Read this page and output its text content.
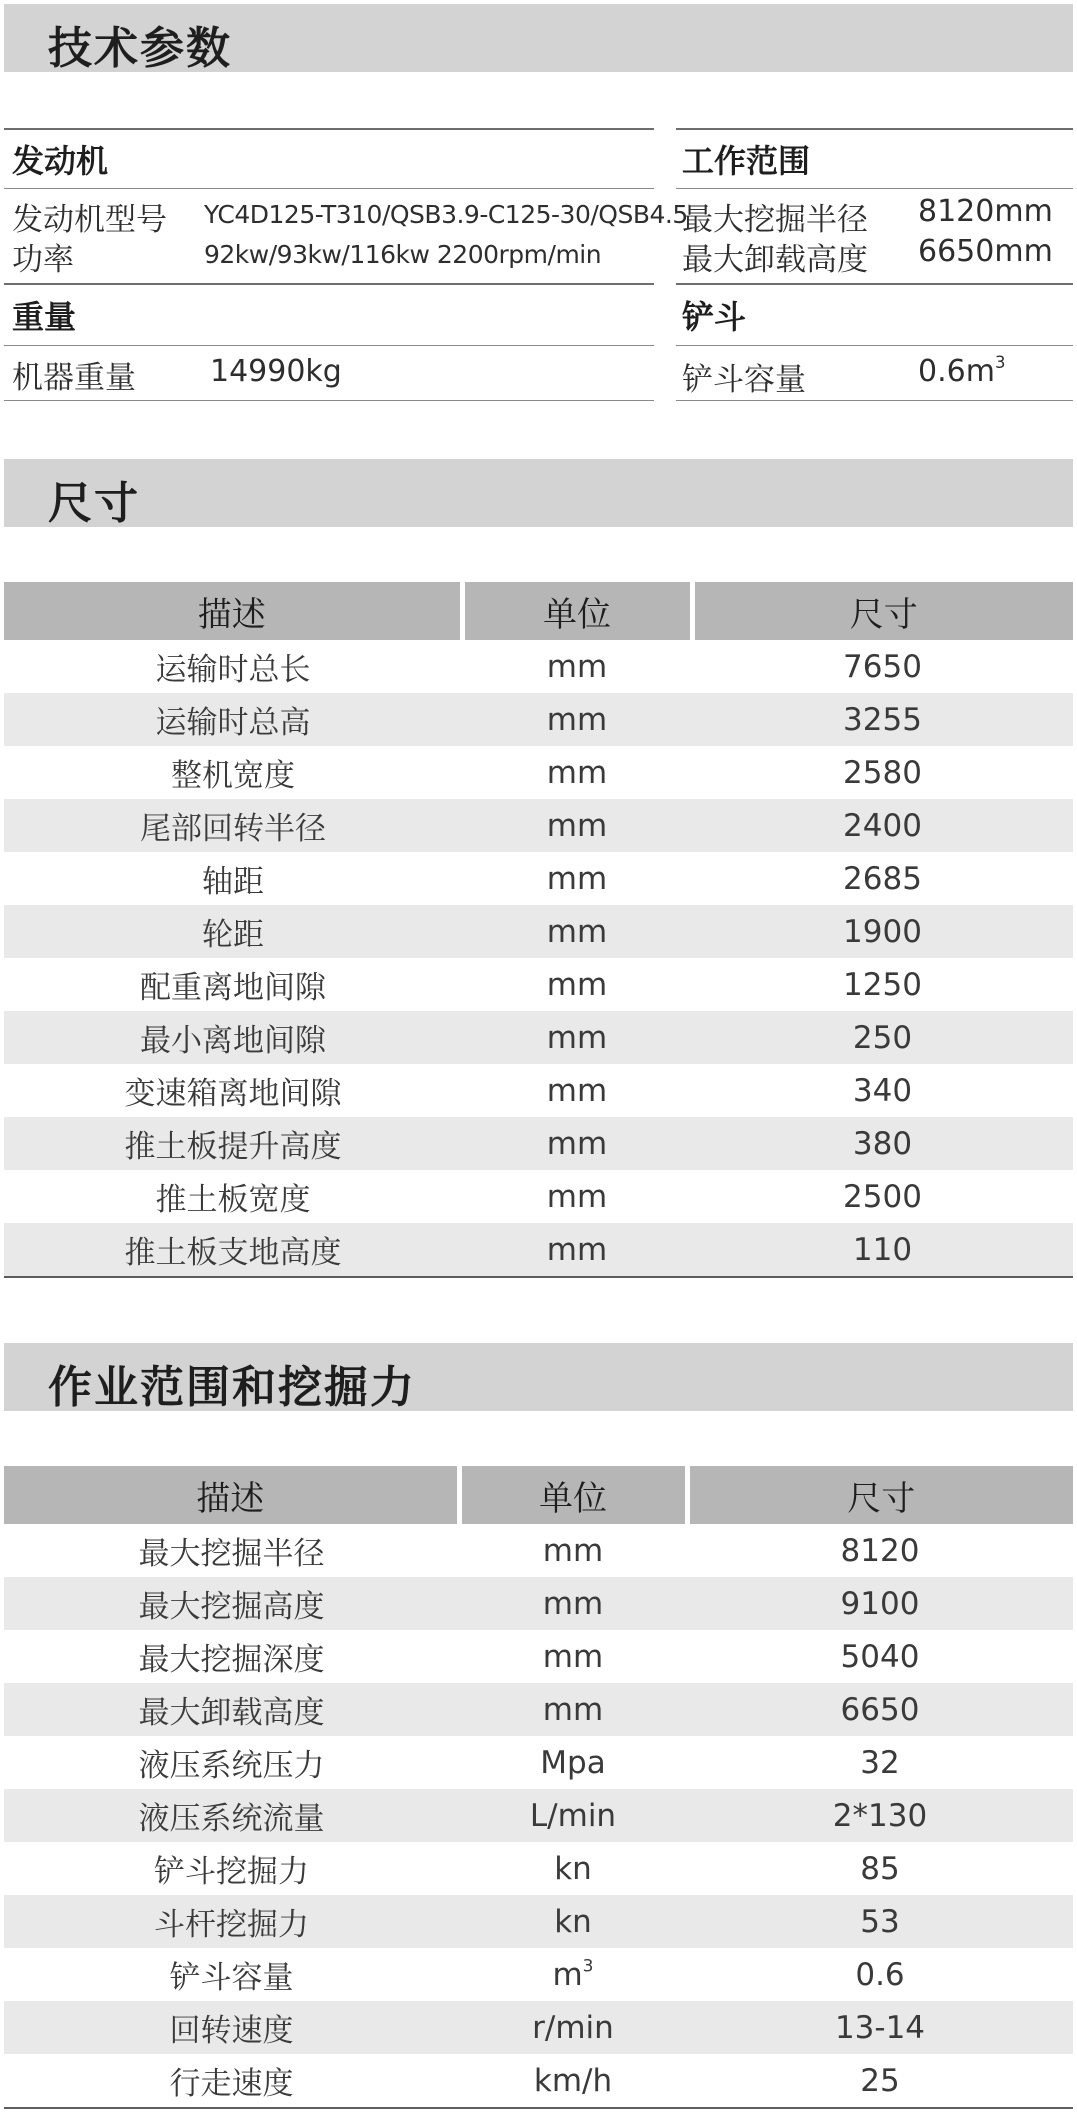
技术参数
发动机
发动机型号 YC4D125-T310/QSB3.9-C125-30/QSB4.5
功率	92kw/93kw/116kw 2200rpm/min
重量
机器重量 14990kg
工作范围
最大挖掘半径 8120mm
最大卸载高度 6650mm
铲斗
铲斗容量	$0.6m^3$
尺寸
描述	单位	尺寸
运输时总长	mm	7650
运输时总高	mm	3255
整机宽度	mm	2580
尾部回转半径	mm	2400
轴距	mm	2685
轮距	mm	1900
配重离地间隙	mm	1250
最小离地间隙	mm	250
变速箱离地间隙	mm	340
推土板提升高度	mm	380
推土板宽度	mm	2500
推土板支地高度	mm	110
作业范围和挖掘力
描述	单位	尺寸
最大挖掘半径	mm	8120
最大挖掘高度	mm	9100
最大挖掘深度	mm	5040
最大卸载高度	mm	6650
液压系统压力	Mpa	32
液压系统流量	L/min	2*130
铲斗挖掘力	kn	85
斗杆挖掘力	kn	53
铲斗容量	$m^3$	0.6
回转速度	r/min	13-14
行走速度	km/h	25
